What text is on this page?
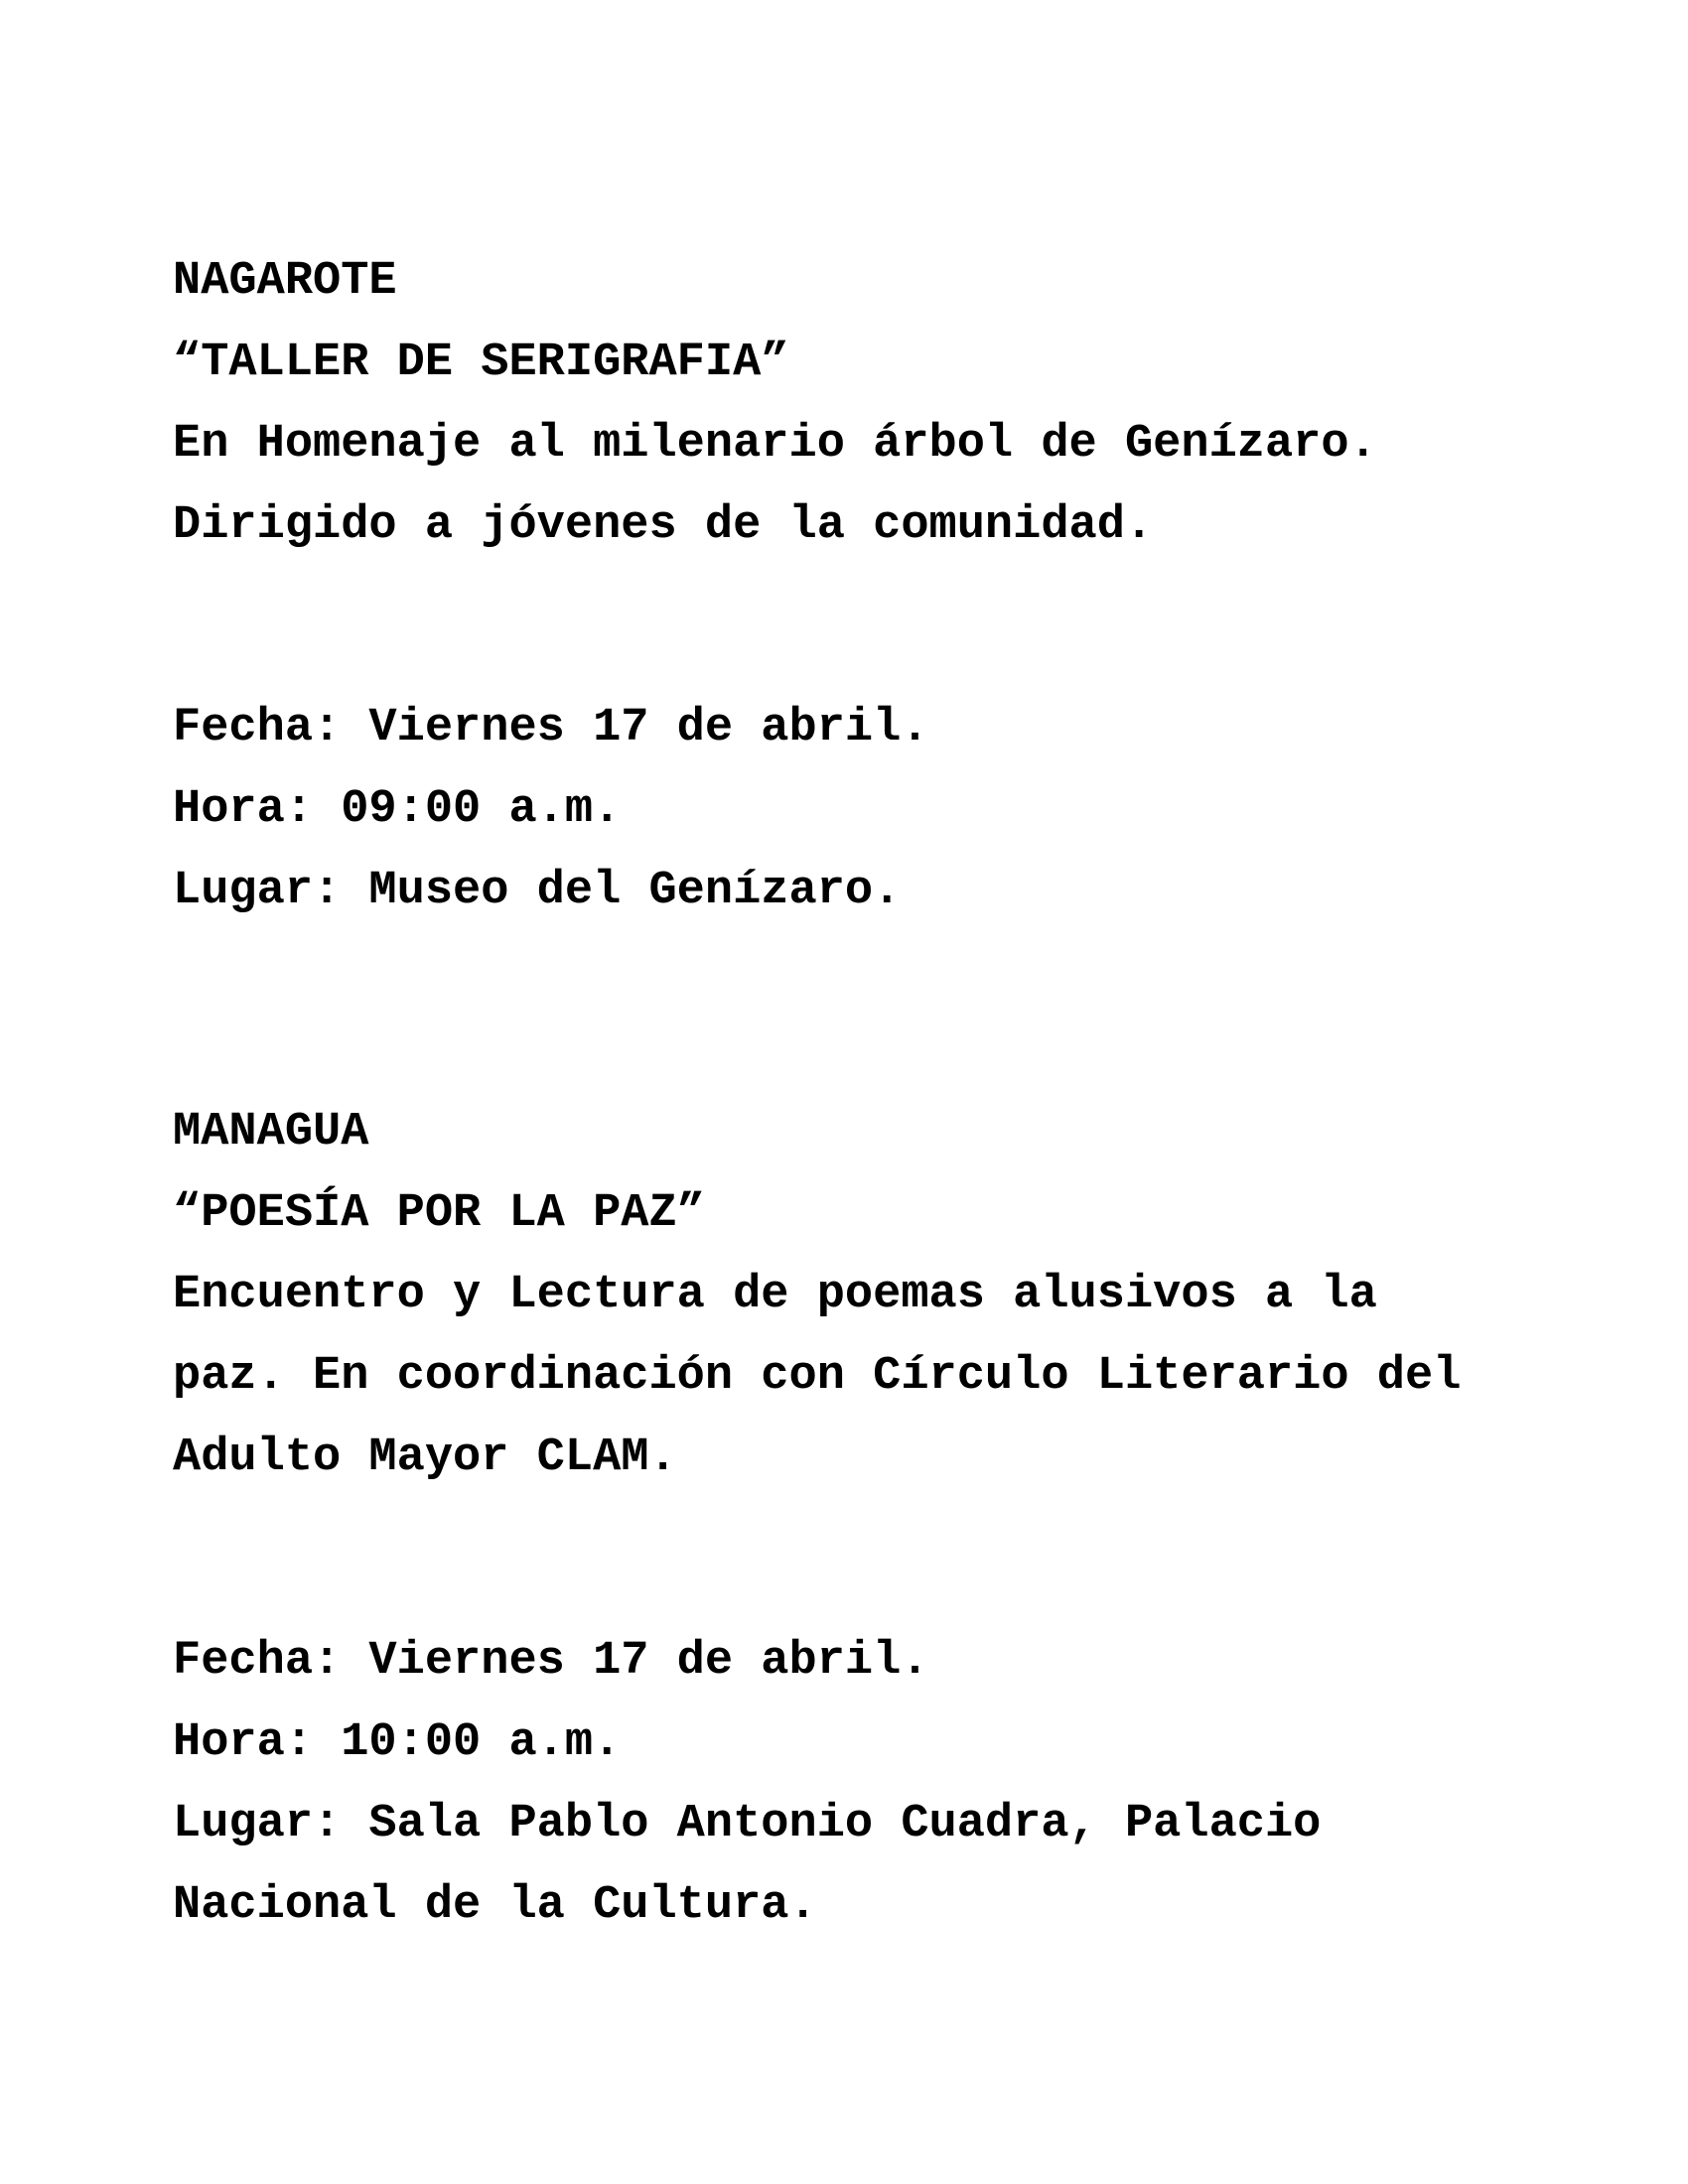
NAGAROTE

“TALLER DE SERIGRAFIA”

En Homenaje al milenario árbol de Genízaro.

Dirigido a jóvenes de la comunidad.

Fecha: Viernes 17 de abril.

Hora: 09:00 a.m.

Lugar: Museo del Genízaro.

MANAGUA

“POESÍA POR LA PAZ”

Encuentro y Lectura de poemas alusivos a la

paz. En coordinación con Círculo Literario del

Adulto Mayor CLAM.

Fecha: Viernes 17 de abril.

Hora: 10:00 a.m.

Lugar: Sala Pablo Antonio Cuadra, Palacio

Nacional de la Cultura.
